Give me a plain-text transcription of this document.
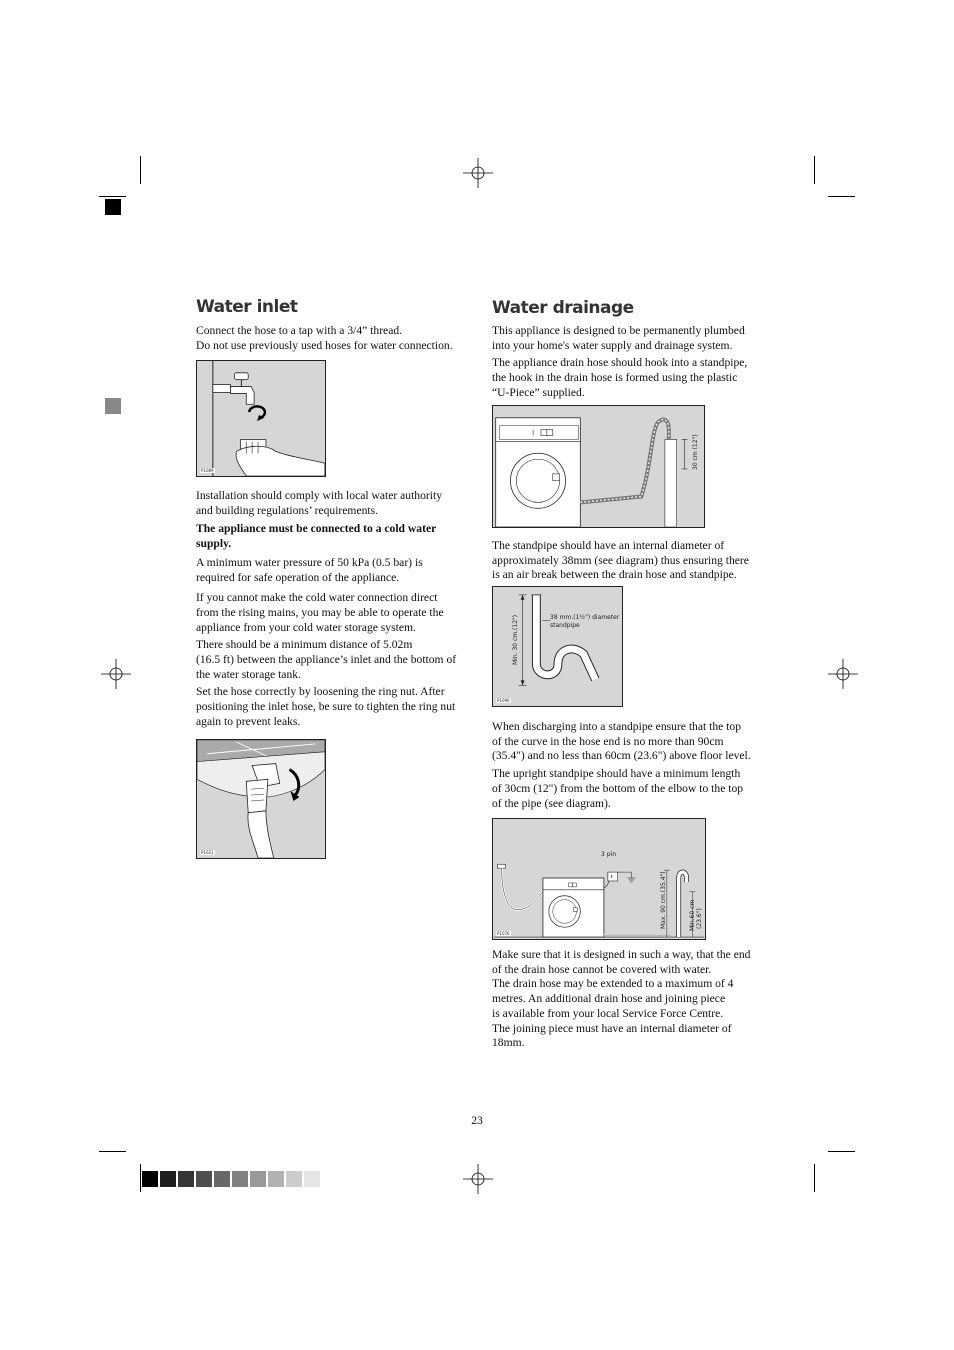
Water inlet

Connect the hose to a tap with a 3/4” thread.

Do not use previously used hoses for water connection.

P1089

Installation should comply with local water authority

and building regulations’ requirements.

The appliance must be connected to a cold water

supply.

A minimum water pressure of 50 kPa (0.5 bar) is

required for safe operation of the appliance.

If you cannot make the cold water connection direct

from the rising mains, you may be able to operate the

appliance from your cold water storage system.

There should be a minimum distance of 5.02m

(16.5 ft) between the appliance’s inlet and the bottom of

the water storage tank.

Set the hose correctly by loosening the ring nut. After

positioning the inlet hose, be sure to tighten the ring nut

again to prevent leaks.

P1021
Water drainage

This appliance is designed to be permanently plumbed

into your home's water supply and drainage system.

The appliance drain hose should hook into a standpipe,

the hook in the drain hose is formed using the plastic

“U-Piece” supplied.

30 cm (12")

The standpipe should have an internal diameter of

approximately 38mm (see diagram) thus ensuring there

is an air break between the drain hose and standpipe.

38 mm.(1½") diameter
standpipe
Min. 30 cm.(12")
P1090

When discharging into a standpipe ensure that the top

of the curve in the hose end is no more than 90cm

(35.4") and no less than 60cm (23.6") above floor level.

The upright standpipe should have a minimum length

of 30cm (12") from the bottom of the elbow to the top

of the pipe (see diagram).

3 pin
Max. 90 cm.(35.4")	Min.60 cm (23.6")
P1076

Make sure that it is designed in such a way, that the end

of the drain hose cannot be covered with water.

The drain hose may be extended to a maximum of 4

metres. An additional drain hose and joining piece

is available from your local Service Force Centre.

The joining piece must have an internal diameter of

18mm.

23
